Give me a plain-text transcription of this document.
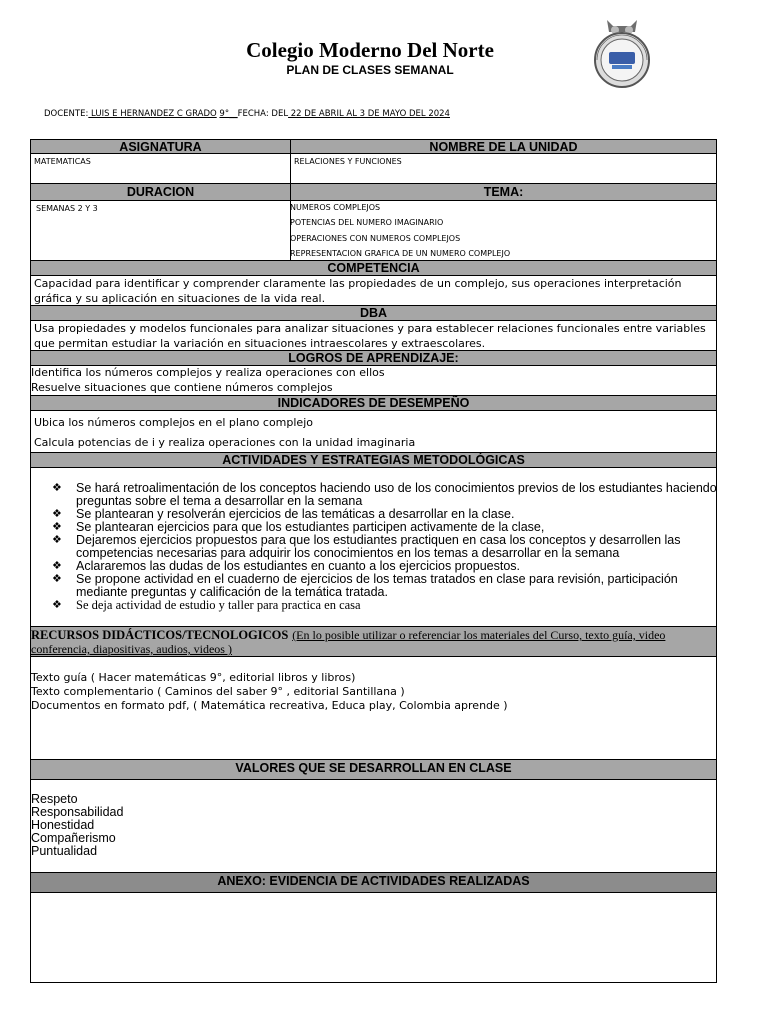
Colegio Moderno Del Norte
PLAN DE CLASES SEMANAL
DOCENTE: LUIS E HERNANDEZ C GRADO 9°__FECHA: DEL 22 DE ABRIL AL 3 DE MAYO DEL 2024
ASIGNATURA	NOMBRE DE LA UNIDAD
MATEMATICAS	RELACIONES Y FUNCIONES
DURACION	TEMA:
SEMANAS 2 Y 3	NUMEROS COMPLEJOS
POTENCIAS DEL NUMERO IMAGINARIO
OPERACIONES CON NUMEROS COMPLEJOS
REPRESENTACION GRAFICA DE UN NUMERO COMPLEJO
COMPETENCIA
Capacidad para identificar y comprender claramente las propiedades de un complejo, sus operaciones interpretación gráfica y su aplicación en situaciones de la vida real.
DBA
Usa propiedades y modelos funcionales para analizar situaciones y para establecer relaciones funcionales entre variables que permitan estudiar la variación en situaciones intraescolares y extraescolares.
LOGROS DE APRENDIZAJE:
Identifica los números complejos y realiza operaciones con ellos
Resuelve situaciones que contiene números complejos
INDICADORES DE DESEMPEÑO
Ubica los números complejos en el plano complejo
Calcula potencias de i y realiza operaciones con la unidad imaginaria
ACTIVIDADES Y ESTRATEGIAS METODOLÓGICAS
❖ Se hará retroalimentación de los conceptos haciendo uso de los conocimientos previos de los estudiantes haciendo preguntas sobre el tema a desarrollar en la semana
❖ Se plantearan y resolverán ejercicios de las temáticas a desarrollar en la clase.
❖ Se plantearan ejercicios para que los estudiantes participen activamente de la clase,
❖ Dejaremos ejercicios propuestos para que los estudiantes practiquen en casa los conceptos y desarrollen las competencias necesarias para adquirir los conocimientos en los temas a desarrollar en la semana
❖ Aclararemos las dudas de los estudiantes en cuanto a los ejercicios propuestos.
❖ Se propone actividad en el cuaderno de ejercicios de los temas tratados en clase para revisión, participación mediante preguntas y calificación de la temática tratada.
❖ Se deja actividad de estudio y taller para practica en casa
RECURSOS DIDÁCTICOS/TECNOLOGICOS (En lo posible utilizar o referenciar los materiales del Curso, texto guía, video conferencia, diapositivas, audios, videos )
Texto guía ( Hacer matemáticas 9°, editorial libros y libros)
Texto complementario ( Caminos del saber 9° , editorial Santillana )
Documentos en formato pdf, ( Matemática recreativa, Educa play, Colombia aprende )
VALORES QUE SE DESARROLLAN EN CLASE
Respeto
Responsabilidad
Honestidad
Compañerismo
Puntualidad
ANEXO: EVIDENCIA DE ACTIVIDADES REALIZADAS
